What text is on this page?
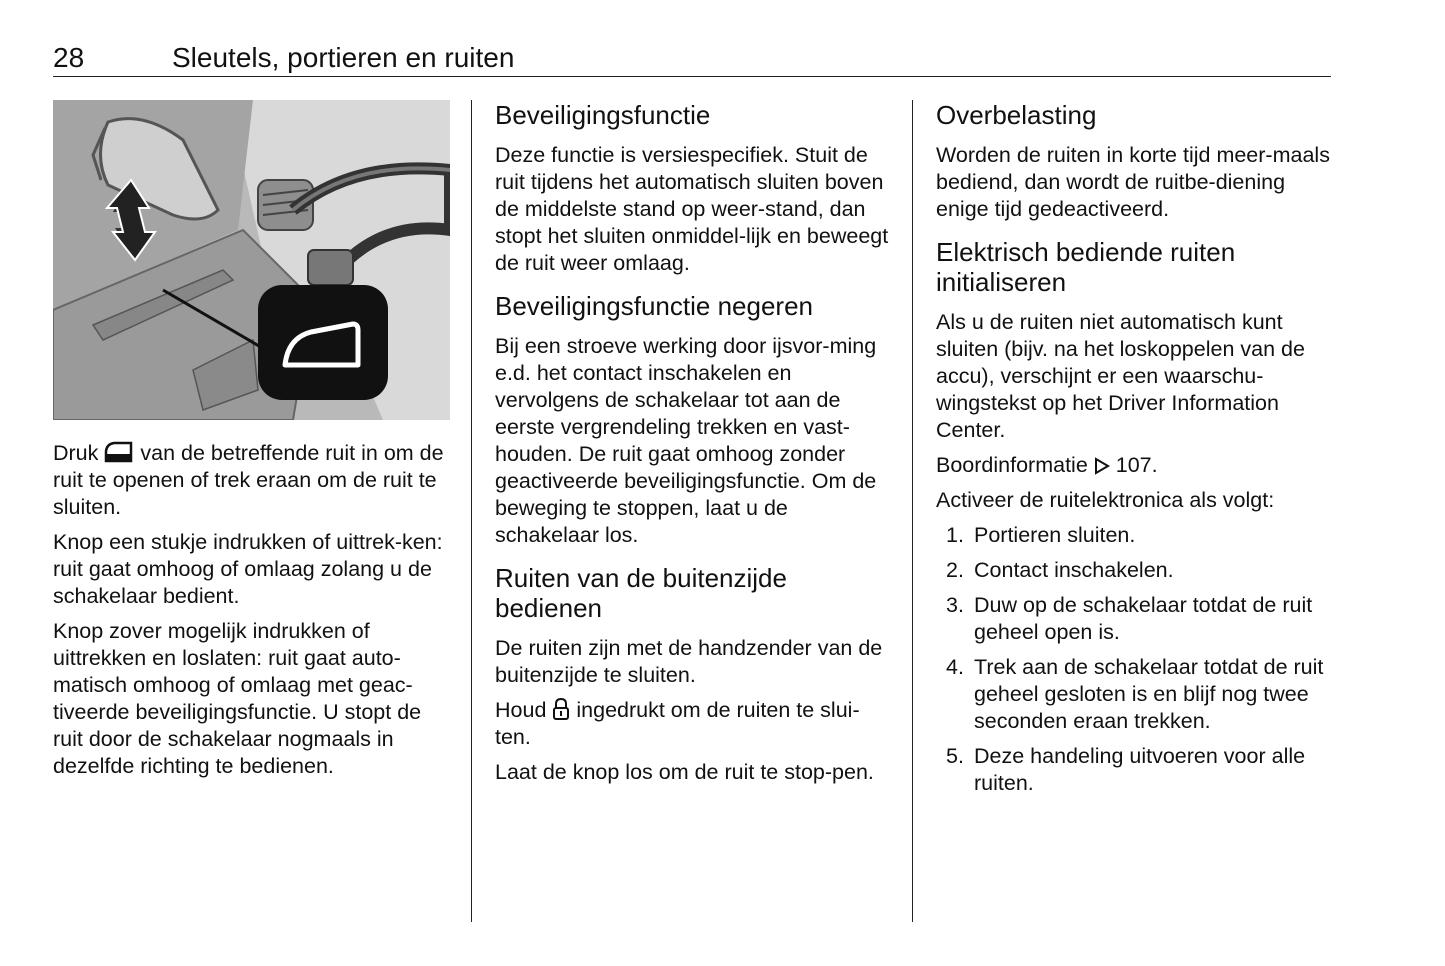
28	Sleutels, portieren en ruiten

Druk van de betreffende ruit in om de ruit te openen of trek eraan om de ruit te sluiten.

Knop een stukje indrukken of uittrek-ken: ruit gaat omhoog of omlaag zolang u de schakelaar bedient.

Knop zover mogelijk indrukken of uittrekken en loslaten: ruit gaat auto-matisch omhoog of omlaag met geac-tiveerde beveiligingsfunctie. U stopt de ruit door de schakelaar nogmaals in dezelfde richting te bedienen.

Beveiligingsfunctie

Deze functie is versiespecifiek. Stuit de ruit tijdens het automatisch sluiten boven de middelste stand op weer-stand, dan stopt het sluiten onmiddel-lijk en beweegt de ruit weer omlaag.

Beveiligingsfunctie negeren

Bij een stroeve werking door ijsvor-ming e.d. het contact inschakelen en vervolgens de schakelaar tot aan de eerste vergrendeling trekken en vast-houden. De ruit gaat omhoog zonder geactiveerde beveiligingsfunctie. Om de beweging te stoppen, laat u de schakelaar los.

Ruiten van de buitenzijde bedienen

De ruiten zijn met de handzender van de buitenzijde te sluiten.

Houd ingedrukt om de ruiten te slui-ten.

Laat de knop los om de ruit te stop-pen.

Overbelasting

Worden de ruiten in korte tijd meer-maals bediend, dan wordt de ruitbe-diening enige tijd gedeactiveerd.

Elektrisch bediende ruiten initialiseren

Als u de ruiten niet automatisch kunt sluiten (bijv. na het loskoppelen van de accu), verschijnt er een waarschu-wingstekst op het Driver Information Center.

Boordinformatie 107.

Activeer de ruitelektronica als volgt:

1. Portieren sluiten.
2. Contact inschakelen.
3. Duw op de schakelaar totdat de ruit geheel open is.
4. Trek aan de schakelaar totdat de ruit geheel gesloten is en blijf nog twee seconden eraan trekken.
5. Deze handeling uitvoeren voor alle ruiten.
